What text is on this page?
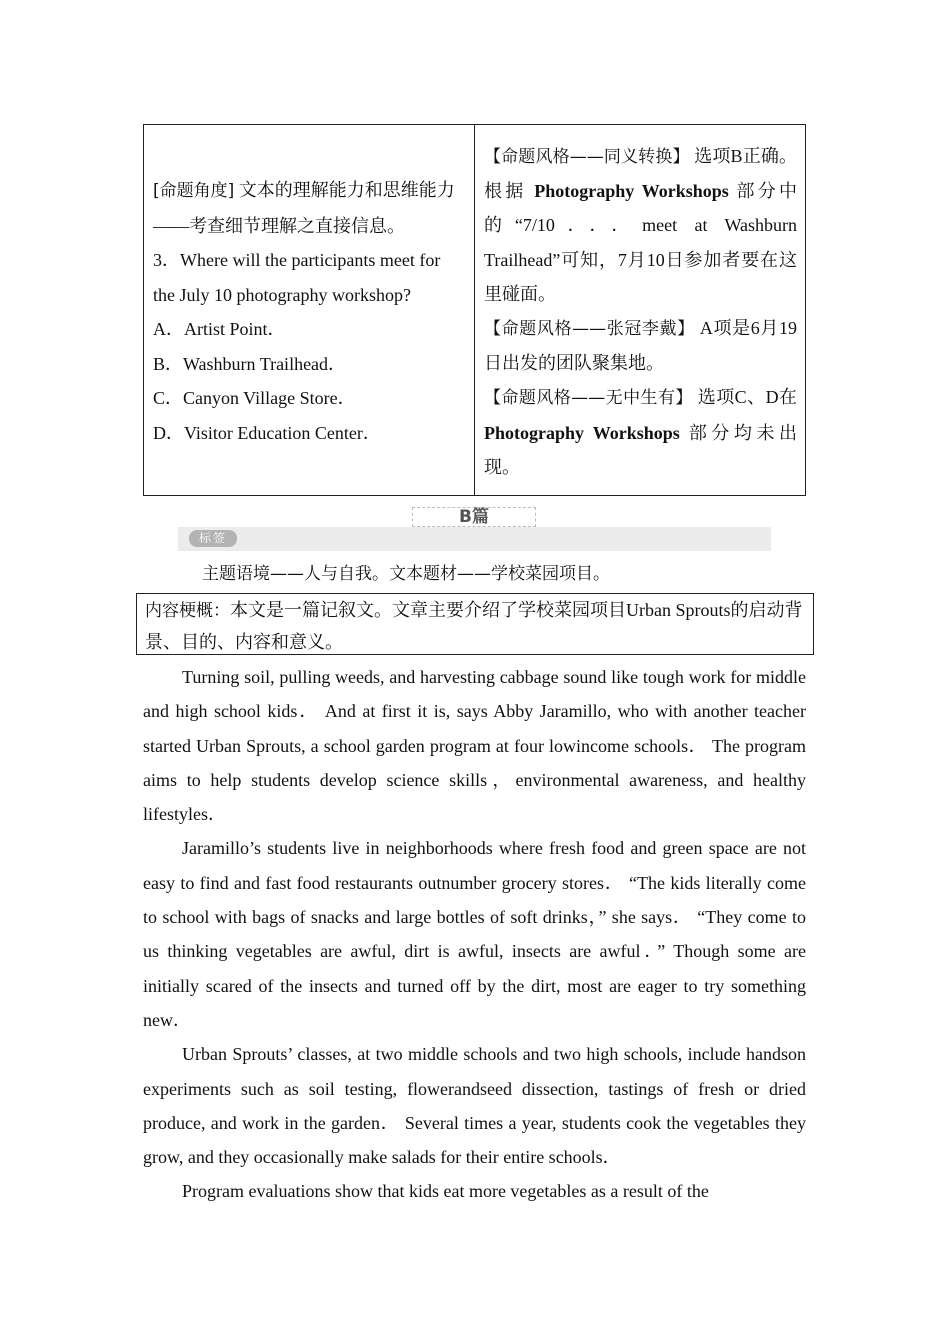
[命题角度] 文本的理解能力和思维能力——考查细节理解之直接信息。
3．Where will the participants meet for the July 10 photography workshop?
A．Artist Point．
B．Washburn Trailhead．
C．Canyon Village Store．
D．Visitor Education Center．
【命题风格——同义转换】 选项B正确。根据 Photography Workshops 部分中的“7/10．．．meet at Washburn Trailhead”可知，7月10日参加者要在这里碰面。
【命题风格——张冠李戴】 A项是6月19日出发的团队聚集地。
【命题风格——无中生有】 选项C、D在 Photography Workshops 部分均未出现。
B篇
标签
主题语境——人与自我。文本题材——学校菜园项目。
内容梗概：本文是一篇记叙文。文章主要介绍了学校菜园项目Urban Sprouts的启动背景、目的、内容和意义。

Turning soil, pulling weeds, and harvesting cabbage sound like tough work for middle and high school kids． And at first it is, says Abby Jaramillo, who with another teacher started Urban Sprouts, a school garden program at four lowincome schools． The program aims to help students develop science skills，environmental awareness, and healthy lifestyles．

Jaramillo’s students live in neighborhoods where fresh food and green space are not easy to find and fast food restaurants outnumber grocery stores． “The kids literally come to school with bags of snacks and large bottles of soft drinks，” she says． “They come to us thinking vegetables are awful, dirt is awful, insects are awful．” Though some are initially scared of the insects and turned off by the dirt, most are eager to try something new．

Urban Sprouts’ classes, at two middle schools and two high schools, include handson experiments such as soil testing, flowerandseed dissection, tastings of fresh or dried produce, and work in the garden． Several times a year, students cook the vegetables they grow, and they occasionally make salads for their entire schools．

Program evaluations show that kids eat more vegetables as a result of the
